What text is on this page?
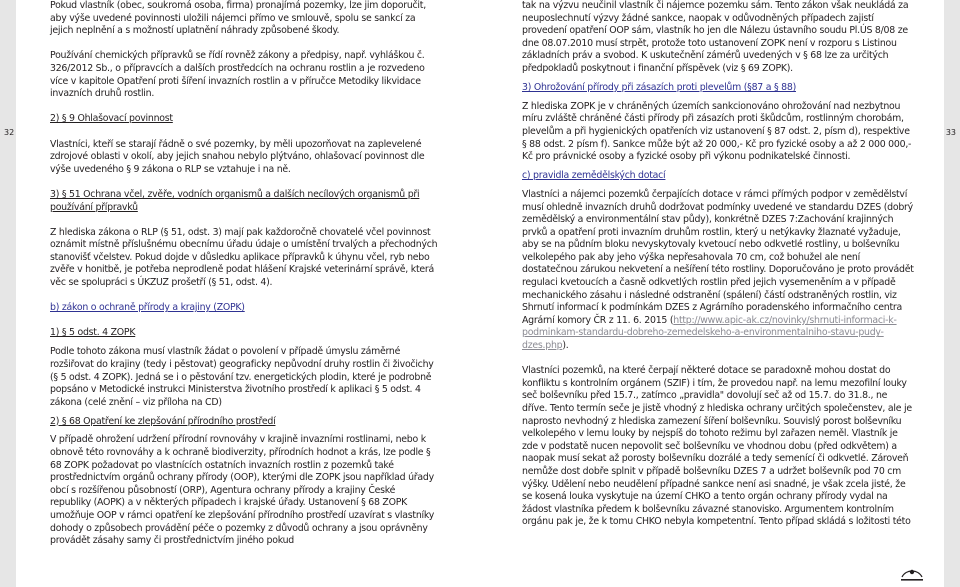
32	33

Pokud vlastník (obec, soukromá osoba, firma) pronajímá pozemky, lze jim doporučit, aby výše uvedené povinnosti uložili nájemci přímo ve smlouvě, spolu se sankcí za jejich neplnění a s možností uplatnění náhrady způsobené škody.

Používání chemických přípravků se řídí rovněž zákony a předpisy, např. vyhláškou č. 326/2012 Sb., o přípravcích a dalších prostředcích na ochranu rostlin a je rozvedeno více v kapitole Opatření proti šíření invazních rostlin a v příručce Metodiky likvidace invazních druhů rostlin.

2) § 9 Ohlašovací povinnost

Vlastníci, kteří se starají řádně o své pozemky, by měli upozorňovat na zaplevelené zdrojové oblasti v okolí, aby jejich snahou nebylo plýtváno, ohlašovací povinnost dle výše uvedeného § 9 zákona o RLP se vztahuje i na ně.

3) § 51 Ochrana včel, zvěře, vodních organismů a dalších necílových organismů při používání přípravků

Z hlediska zákona o RLP (§ 51, odst. 3) mají pak každoročně chovatelé včel povinnost oznámit místně příslušnému obecnímu úřadu údaje o umístění trvalých a přechodných stanovišť včelstev. Pokud dojde v důsledku aplikace přípravků k úhynu včel, ryb nebo zvěře v honitbě, je potřeba neprodleně podat hlášení Krajské veterinární správě, která věc se spolupráci s ÚKZUZ prošetří (§ 51, odst. 4).

b) zákon o ochraně přírody a krajiny (ZOPK)

1) § 5 odst. 4 ZOPK

Podle tohoto zákona musí vlastník žádat o povolení v případě úmyslu záměrné rozšiřovat do krajiny (tedy i pěstovat) geograficky nepůvodní druhy rostlin či živočichy (§ 5 odst. 4 ZOPK). Jedná se i o pěstování tzv. energetických plodin, které je podrobně popsáno v Metodické instrukci Ministerstva životního prostředí k aplikaci § 5 odst. 4 zákona (celé znění – viz příloha na CD)

2) § 68 Opatření ke zlepšování přírodního prostředí

V případě ohrožení udržení přírodní rovnováhy v krajině invazními rostlinami, nebo k obnově této rovnováhy a k ochraně biodiverzity, přírodních hodnot a krás, lze podle § 68 ZOPK požadovat po vlastnících ostatních invazních rostlin z pozemků také prostřednictvím orgánů ochrany přírody (OOP), kterými dle ZOPK jsou například úřady obcí s rozšířenou působností (ORP), Agentura ochrany přírody a krajiny České republiky (AOPK) a v některých případech i krajské úřady. Ustanovení § 68 ZOPK umožňuje OOP v rámci opatření ke zlepšování přírodního prostředí uzavírat s vlastníky dohody o způsobech provádění péče o pozemky z důvodů ochrany a jsou oprávněny provádět zásahy samy či prostřednictvím jiného pokud

tak na výzvu neučinil vlastník či nájemce pozemku sám. Tento zákon však neukládá za neuposlechnutí výzvy žádné sankce, naopak v odůvodněných případech zajistí provedení opatření OOP sám, vlastník ho jen dle Nálezu ústavního soudu Pl.ÚS 8/08 ze dne 08.07.2010 musí strpět, protože toto ustanovení ZOPK není v rozporu s Listinou základních práv a svobod. K uskutečnění zámérů uvedených v § 68 lze za určitých předpokladů poskytnout i finanční příspěvek (viz § 69 ZOPK).

3) Ohrožování přírody při zásazích proti plevelům (§87 a § 88)

Z hlediska ZOPK je v chráněných územích sankcionováno ohrožování nad nezbytnou míru zvláště chráněné části přírody při zásazích proti škůdcům, rostlinným chorobám, plevelům a při hygienických opatřeních viz ustanovení § 87 odst. 2, písm d), respektive § 88 odst. 2 písm f). Sankce může být až 20 000,- Kč pro fyzické osoby a až 2 000 000,- Kč pro právnické osoby a fyzické osoby při výkonu podnikatelské činnosti.

c) pravidla zemědělských dotací

Vlastníci a nájemci pozemků čerpajících dotace v rámci přímých podpor v zemědělství musí ohledně invazních druhů dodržovat podmínky uvedené ve standardu DZES (dobrý zemědělský a environmentální stav půdy), konkrétně DZES 7:Zachování krajinných prvků a opatření proti invazním druhům rostlin, který u netýkavky žlaznaté vyžaduje, aby se na půdním bloku nevyskytovaly kvetoucí nebo odkvetlé rostliny, u bolševníku velkolepého pak aby jeho výška nepřesahovala 70 cm, což bohužel ale není dostatečnou zárukou nekvetení a nešíření této rostliny. Doporučováno je proto provádět regulaci kvetoucích a časně odkvetlých rostlin před jejich vysemeněním a v případě mechanického zásahu i následné odstranění (spálení) částí odstraněných rostlin, viz Shrnutí informací k podmínkám DZES z Agrárního poradenského informačního centra Agrární komory ČR z 11. 6. 2015 (http://www.apic-ak.cz/novinky/shrnuti-informaci-k-podminkam-standardu-dobreho-zemedelskeho-a-environmentalniho-stavu-pudy-dzes.php).

Vlastníci pozemků, na které čerpají některé dotace se paradoxně mohou dostat do konfliktu s kontrolním orgánem (SZIF) i tím, že provedou např. na lemu mezofilní louky seč bolševníku před 15.7., zatímco „pravidla" dovolují seč až od 15.7. do 31.8., ne dříve. Tento termín seče je jistě vhodný z hlediska ochrany určitých společenstev, ale je naprosto nevhodný z hlediska zamezení šíření bolševníku. Souvislý porost bolševníku velkolepého v lemu louky by nejspíš do tohoto režimu byl zařazen neměl. Vlastník je zde v podstatě nucen nepovolit seč bolševníku ve vhodnou dobu (před odkvětem) a naopak musí sekat až porosty bolševníku dozrálé a tedy semenící či odkvetlé. Zároveň nemůže dost dobře splnit v případě bolševníku DZES 7 a udržet bolševník pod 70 cm výšky. Udělení nebo neudělení případné sankce není asi snadné, je však zcela jisté, že se kosená louka vyskytuje na území CHKO a tento orgán ochrany přírody vydal na žádost vlastníka předem k bolševníku závazné stanovisko. Argumentem kontrolním orgánu pak je, že k tomu CHKO nebyla kompetentní. Tento případ skládá s ložitosti této
